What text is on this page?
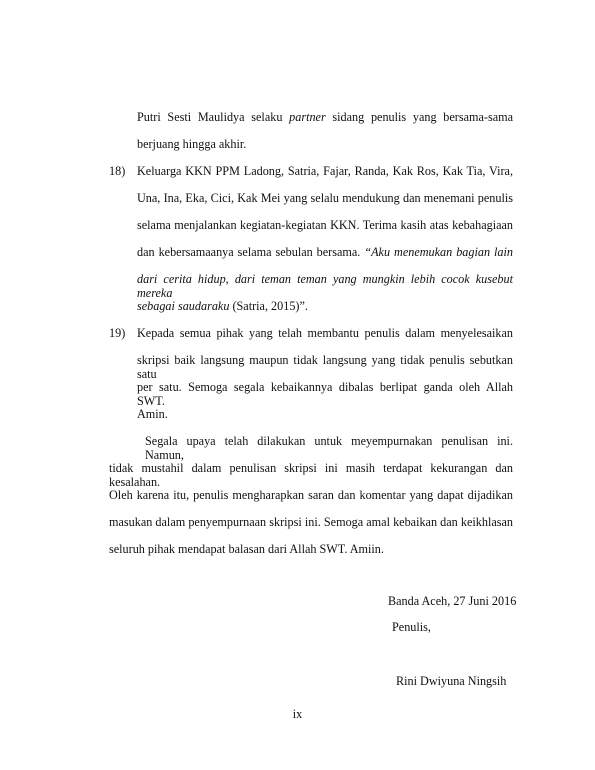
Putri Sesti Maulidya selaku partner sidang penulis yang bersama-sama
berjuang hingga akhir.
18) Keluarga KKN PPM Ladong, Satria, Fajar, Randa, Kak Ros, Kak Tia, Vira,
Una, Ina, Eka, Cici, Kak Mei yang selalu mendukung dan menemani penulis
selama menjalankan kegiatan-kegiatan KKN. Terima kasih atas kebahagiaan
dan kebersamaanya selama sebulan bersama. “Aku menemukan bagian lain
dari cerita hidup, dari teman teman yang mungkin lebih cocok kusebut mereka
sebagai saudaraku (Satria, 2015)”.
19) Kepada semua pihak yang telah membantu penulis dalam menyelesaikan
skripsi baik langsung maupun tidak langsung yang tidak penulis sebutkan satu
per satu. Semoga segala kebaikannya dibalas berlipat ganda oleh Allah SWT.
Amin.
Segala upaya telah dilakukan untuk meyempurnakan penulisan ini. Namun,
tidak mustahil dalam penulisan skripsi ini masih terdapat kekurangan dan kesalahan.
Oleh karena itu, penulis mengharapkan saran dan komentar yang dapat dijadikan
masukan dalam penyempurnaan skripsi ini. Semoga amal kebaikan dan keikhlasan
seluruh pihak mendapat balasan dari Allah SWT. Amiin.
Banda Aceh, 27 Juni 2016
Penulis,
Rini Dwiyuna Ningsih
ix
